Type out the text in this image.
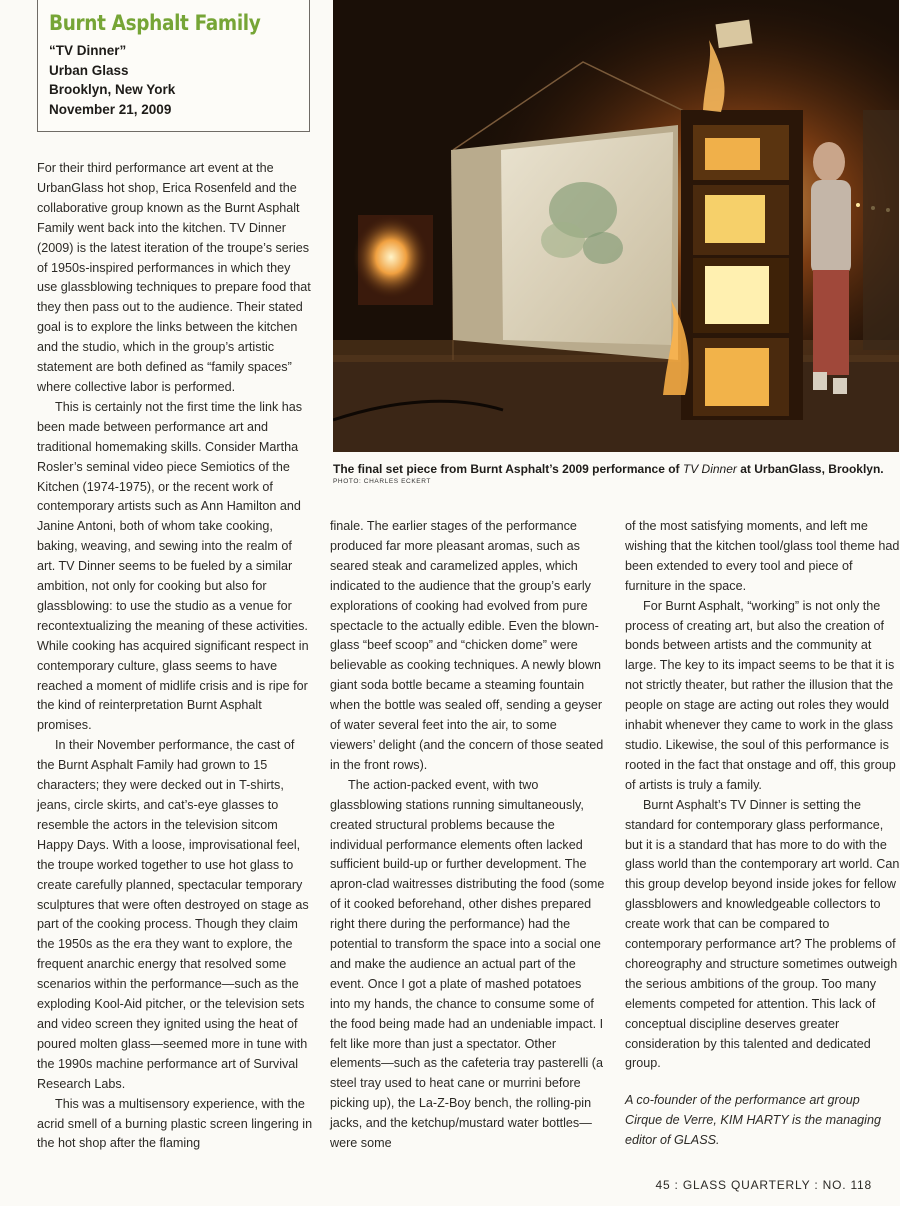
Burnt Asphalt Family
“TV Dinner”
Urban Glass
Brooklyn, New York
November 21, 2009
The final set piece from Burnt Asphalt’s 2009 performance of TV Dinner at UrbanGlass, Brooklyn.
PHOTO: CHARLES ECKERT

For their third performance art event at the UrbanGlass hot shop, Erica Rosenfeld and the collaborative group known as the Burnt Asphalt Family went back into the kitchen. TV Dinner (2009) is the latest iteration of the troupe’s series of 1950s-inspired performances in which they use glassblowing techniques to prepare food that they then pass out to the audience. Their stated goal is to explore the links between the kitchen and the studio, which in the group’s artistic statement are both defined as “family spaces” where collective labor is performed.

This is certainly not the first time the link has been made between performance art and traditional homemaking skills. Consider Martha Rosler’s seminal video piece Semiotics of the Kitchen (1974-1975), or the recent work of contemporary artists such as Ann Hamilton and Janine Antoni, both of whom take cooking, baking, weaving, and sewing into the realm of art. TV Dinner seems to be fueled by a similar ambition, not only for cooking but also for glassblowing: to use the studio as a venue for recontextualizing the meaning of these activities. While cooking has acquired significant respect in contemporary culture, glass seems to have reached a moment of midlife crisis and is ripe for the kind of reinterpretation Burnt Asphalt promises.

In their November performance, the cast of the Burnt Asphalt Family had grown to 15 characters; they were decked out in T-shirts, jeans, circle skirts, and cat’s-eye glasses to resemble the actors in the television sitcom Happy Days. With a loose, improvisational feel, the troupe worked together to use hot glass to create carefully planned, spectacular temporary sculptures that were often destroyed on stage as part of the cooking process. Though they claim the 1950s as the era they want to explore, the frequent anarchic energy that resolved some scenarios within the performance—such as the exploding Kool-Aid pitcher, or the television sets and video screen they ignited using the heat of poured molten glass—seemed more in tune with the 1990s machine performance art of Survival Research Labs.

This was a multisensory experience, with the acrid smell of a burning plastic screen lingering in the hot shop after the flaming

finale. The earlier stages of the performance produced far more pleasant aromas, such as seared steak and caramelized apples, which indicated to the audience that the group’s early explorations of cooking had evolved from pure spectacle to the actually edible. Even the blown-glass “beef scoop” and “chicken dome” were believable as cooking techniques. A newly blown giant soda bottle became a steaming fountain when the bottle was sealed off, sending a geyser of water several feet into the air, to some viewers’ delight (and the concern of those seated in the front rows).

The action-packed event, with two glassblowing stations running simultaneously, created structural problems because the individual performance elements often lacked sufficient build-up or further development. The apron-clad waitresses distributing the food (some of it cooked beforehand, other dishes prepared right there during the performance) had the potential to transform the space into a social one and make the audience an actual part of the event. Once I got a plate of mashed potatoes into my hands, the chance to consume some of the food being made had an undeniable impact. I felt like more than just a spectator. Other elements—such as the cafeteria tray pasterelli (a steel tray used to heat cane or murrini before picking up), the La-Z-Boy bench, the rolling-pin jacks, and the ketchup/mustard water bottles—were some

of the most satisfying moments, and left me wishing that the kitchen tool/glass tool theme had been extended to every tool and piece of furniture in the space.

For Burnt Asphalt, “working” is not only the process of creating art, but also the creation of bonds between artists and the community at large. The key to its impact seems to be that it is not strictly theater, but rather the illusion that the people on stage are acting out roles they would inhabit whenever they came to work in the glass studio. Likewise, the soul of this performance is rooted in the fact that onstage and off, this group of artists is truly a family.

Burnt Asphalt’s TV Dinner is setting the standard for contemporary glass performance, but it is a standard that has more to do with the glass world than the contemporary art world. Can this group develop beyond inside jokes for fellow glassblowers and knowledgeable collectors to create work that can be compared to contemporary performance art? The problems of choreography and structure sometimes outweigh the serious ambitions of the group. Too many elements competed for attention. This lack of conceptual discipline deserves greater consideration by this talented and dedicated group.

A co-founder of the performance art group Cirque de Verre, KIM HARTY is the managing editor of GLASS.

45 : GLASS QUARTERLY : NO. 118
